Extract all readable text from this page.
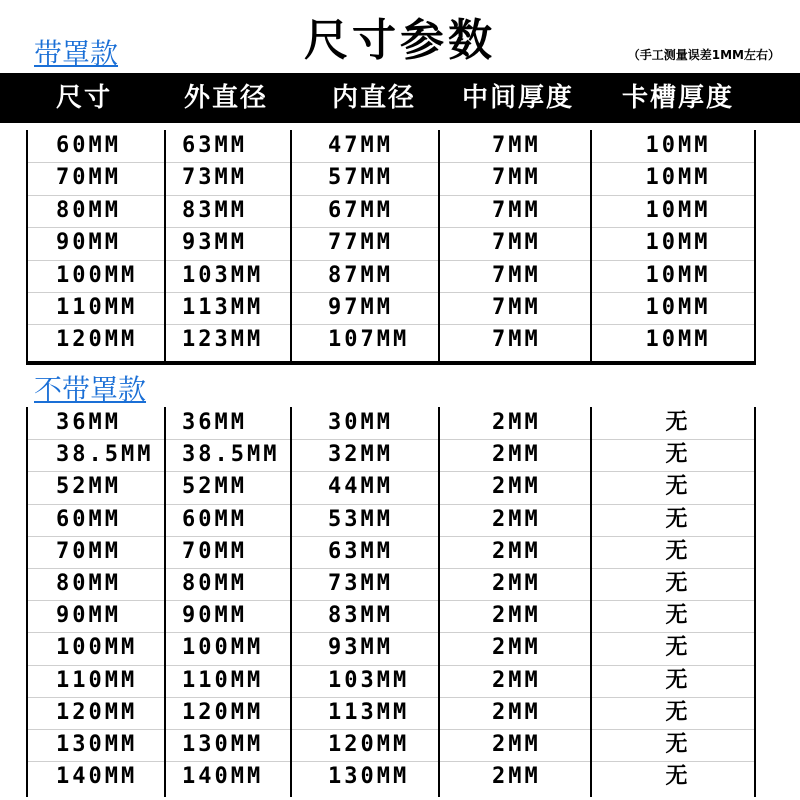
尺寸参数
带罩款	（手工测量误差1MM左右）
尺寸	外直径 内直径 中间厚度 卡槽厚度
60MM	63MM	47MM	7MM	10MM
70MM	73MM	57MM	7MM	10MM
80MM	83MM	67MM	7MM	10MM
90MM	93MM	77MM	7MM	10MM
100MM 103MM	87MM	7MM	10MM
110MM 113MM	97MM	7MM	10MM
120MM 123MM	107MM	7MM	10MM
不带罩款
36MM	36MM	30MM	2MM	无
38.5MM 38.5MM 32MM	2MM	无
52MM	52MM	44MM	2MM	无
60MM	60MM	53MM	2MM	无
70MM	70MM	63MM	2MM	无
80MM	80MM	73MM	2MM	无
90MM	90MM	83MM	2MM	无
100MM 100MM	93MM	2MM	无
110MM 110MM	103MM	2MM	无
120MM 120MM	113MM	2MM	无
130MM 130MM	120MM	2MM	无
140MM 140MM	130MM	2MM	无
